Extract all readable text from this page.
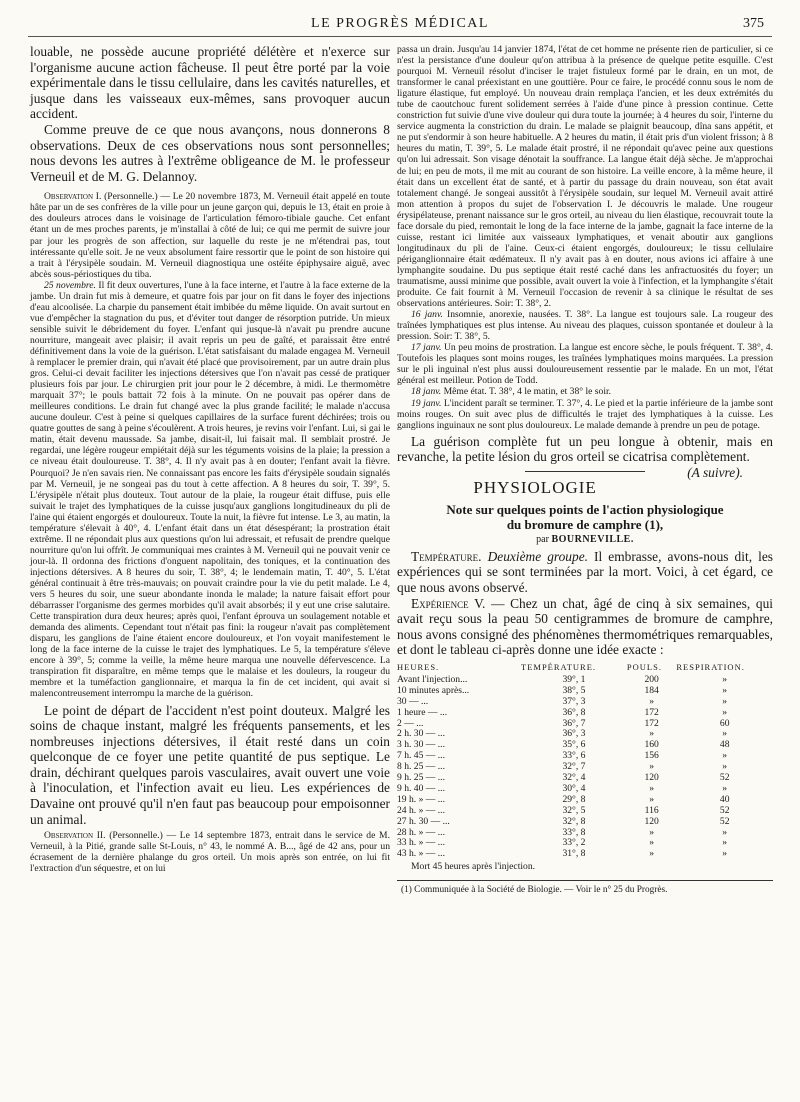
LE PROGRÈS MÉDICAL	375

louable, ne possède aucune propriété délétère et n'exerce sur l'organisme aucune action fâcheuse. Il peut être porté par la voie expérimentale dans le tissu cellulaire, dans les cavités naturelles, et jusque dans les vaisseaux eux-mêmes, sans provoquer aucun accident.

Comme preuve de ce que nous avançons, nous donnerons 8 observations. Deux de ces observations nous sont personnelles; nous devons les autres à l'extrême obligeance de M. le professeur Verneuil et de M. G. Delannoy.

Observation I. (Personnelle.) — Le 20 novembre 1873, M. Verneuil était appelé en toute hâte par un de ses confrères de la ville pour un jeune garçon qui, depuis le 13, était en proie à des douleurs atroces dans le voisinage de l'articulation fémoro-tibiale gauche. Cet enfant étant un de mes proches parents, je m'installai à côté de lui; ce qui me permit de suivre jour par jour les progrès de son affection, sur laquelle du reste je ne m'étendrai pas, tout intéressante qu'elle soit. Je ne veux absolument faire ressortir que le point de son histoire qui a trait à l'érysipèle soudain. M. Verneuil diagnostiqua une ostéite épiphysaire aiguë, avec abcès sous-périostiques du tiba.

25 novembre. Il fit deux ouvertures, l'une à la face interne, et l'autre à la face externe de la jambe. Un drain fut mis à demeure, et quatre fois par jour on fit dans le foyer des injections d'eau alcoolisée. La charpie du pansement était imbibée du même liquide. On avait surtout en vue d'empêcher la stagnation du pus, et d'éviter tout danger de résorption putride. Un mieux sensible suivit le débridement du foyer. L'enfant qui jusque-là n'avait pu prendre aucune nourriture, mangeait avec plaisir; il avait repris un peu de gaîté, et paraissait être entré définitivement dans la voie de la guérison. L'état satisfaisant du malade engagea M. Verneuil à remplacer le premier drain, qui n'avait été placé que provisoirement, par un autre drain plus gros. Celui-ci devait faciliter les injections détersives que l'on n'avait pas cessé de pratiquer plusieurs fois par jour. Le chirurgien prit jour pour le 2 décembre, à midi. Le thermomètre marquait 37°; le pouls battait 72 fois à la minute. On ne pouvait pas opérer dans de meilleures conditions. Le drain fut changé avec la plus grande facilité; le malade n'accusa aucune douleur. C'est à peine si quelques capillaires de la surface furent déchirées; trois ou quatre gouttes de sang à peine s'écoulèrent. A trois heures, je revins voir l'enfant. Lui, si gai le matin, était devenu maussade. Sa jambe, disait-il, lui faisait mal. Il semblait prostré. Je regardai, une légère rougeur empiétait déjà sur les téguments voisins de la plaie; la pression a ce niveau était douloureuse. T. 38°, 4. Il n'y avait pas à en douter; l'enfant avait la fièvre. Pourquoi? Je n'en savais rien. Ne connaissant pas encore les faits d'érysipèle soudain signalés par M. Verneuil, je ne songeai pas du tout à cette affection. A 8 heures du soir, T. 39°, 5. L'érysipèle n'était plus douteux. Tout autour de la plaie, la rougeur était diffuse, puis elle suivait le trajet des lymphatiques de la cuisse jusqu'aux ganglions longitudineaux du pli de l'aine qui étaient engorgés et douloureux. Toute la nuit, la fièvre fut intense. Le 3, au matin, la température s'élevait à 40°, 4. L'enfant était dans un état désespérant; la prostration était extrême. Il ne répondait plus aux questions qu'on lui adressait, et refusait de prendre quelque nourriture qu'on lui offrît. Je communiquai mes craintes à M. Verneuil qui ne pouvait venir ce jour-là. Il ordonna des frictions d'onguent napolitain, des toniques, et la continuation des injections détersives. A 8 heures du soir, T. 38°, 4; le lendemain matin, T. 40°, 5. L'état général continuait à être très-mauvais; on pouvait craindre pour la vie du petit malade. Le 4, vers 5 heures du soir, une sueur abondante inonda le malade; la nature faisait effort pour débarrasser l'organisme des germes morbides qu'il avait absorbés; il y eut une crise salutaire. Cette transpiration dura deux heures; après quoi, l'enfant éprouva un soulagement notable et demanda des aliments. Cependant tout n'était pas fini: la rougeur n'avait pas complètement disparu, les ganglions de l'aine étaient encore douloureux, et l'on voyait manifestement le long de la face interne de la cuisse le trajet des lymphatiques. Le 5, la température s'éleve encore à 39°, 5; comme la veille, la même heure marqua une nouvelle défervescence. La transpiration fit disparaître, en même temps que le malaise et les douleurs, la rougeur du membre et la tuméfaction ganglionnaire, et marqua la fin de cet incident, qui avait si malencontreusement interrompu la marche de la guérison.

Le point de départ de l'accident n'est point douteux. Malgré les soins de chaque instant, malgré les fréquents pansements, et les nombreuses injections détersives, il était resté dans un coin quelconque de ce foyer une petite quantité de pus septique. Le drain, déchirant quelques parois vasculaires, avait ouvert une voie à l'inoculation, et l'infection avait eu lieu. Les expériences de Davaine ont prouvé qu'il n'en faut pas beaucoup pour empoisonner un animal.

Observation II. (Personnelle.) — Le 14 septembre 1873, entrait dans le service de M. Verneuil, à la Pitié, grande salle St-Louis, n° 43, le nommé A. B..., âgé de 42 ans, pour un écrasement de la dernière phalange du gros orteil. Un mois après son entrée, on lui fit l'extraction d'un séquestre, et on lui

passa un drain. Jusqu'au 14 janvier 1874, l'état de cet homme ne présente rien de particulier, si ce n'est la persistance d'une douleur qu'on attribua à la présence de quelque petite esquille. C'est pourquoi M. Verneuil résolut d'inciser le trajet fistuleux formé par le drain, en un mot, de transformer le canal préexistant en une gouttière. Pour ce faire, le procédé connu sous le nom de ligature élastique, fut employé. Un nouveau drain remplaça l'ancien, et les deux extrémités du tube de caoutchouc furent solidement serrées à l'aide d'une pince à pression continue. Cette constriction fut suivie d'une vive douleur qui dura toute la journée; à 4 heures du soir, l'interne du service augmenta la constriction du drain. Le malade se plaignit beaucoup, dîna sans appétit, et ne put s'endormir à son heure habituelle. A 2 heures du matin, il était pris d'un violent frisson; à 8 heures du matin, T. 39°, 5. Le malade était prostré, il ne répondait qu'avec peine aux questions qu'on lui adressait. Son visage dénotait la souffrance. La langue était déjà sèche. Je m'approchai de lui; en peu de mots, il me mit au courant de son histoire. La veille encore, à la même heure, il était dans un excellent état de santé, et à partir du passage du drain nouveau, son état avait totalement changé. Je songeai aussitôt à l'érysipèle soudain, sur lequel M. Verneuil avait attiré mon attention à propos du sujet de l'observation I. Je découvris le malade. Une rougeur érysipélateuse, prenant naissance sur le gros orteil, au niveau du lien élastique, recouvrait toute la face dorsale du pied, remontait le long de la face interne de la jambe, gagnait la face interne de la cuisse, restant ici limitée aux vaisseaux lymphatiques, et venait aboutir aux ganglions longitudinaux du pli de l'aine. Ceux-ci étaient engorgés, douloureux; le tissu cellulaire périganglionnaire était œdémateux. Il n'y avait pas à en douter, nous avions ici affaire à une lymphangite soudaine. Du pus septique était resté caché dans les anfractuosités du foyer; un traumatisme, aussi minime que possible, avait ouvert la voie à l'infection, et la lymphangite s'était produite. Ce fait fournit à M. Verneuil l'occasion de revenir à sa clinique le résultat de ses observations antérieures. Soir: T. 38°, 2.

16 janv. Insomnie, anorexie, nausées. T. 38°. La langue est toujours sale. La rougeur des traînées lymphatiques est plus intense. Au niveau des plaques, cuisson spontanée et douleur à la pression. Soir: T. 38°, 5.

17 janv. Un peu moins de prostration. La langue est encore sèche, le pouls fréquent. T. 38°, 4. Toutefois les plaques sont moins rouges, les traînées lymphatiques moins marquées. La pression sur le pli inguinal n'est plus aussi douloureusement ressentie par le malade. En un mot, l'état général est meilleur. Potion de Todd.

18 janv. Même état. T. 38°, 4 le matin, et 38° le soir.

19 janv. L'incident paraît se terminer. T. 37°, 4. Le pied et la partie inférieure de la jambe sont moins rouges. On suit avec plus de difficultés le trajet des lymphatiques à la cuisse. Les ganglions inguinaux ne sont plus douloureux. Le malade demande à prendre un peu de potage.

La guérison complète fut un peu longue à obtenir, mais en revanche, la petite lésion du gros orteil se cicatrisa complètement.
(A suivre).

PHYSIOLOGIE

Note sur quelques points de l'action physiologique

du bromure de camphre (1),

par BOURNEVILLE.

Température. Deuxième groupe. Il embrasse, avons-nous dit, les expériences qui se sont terminées par la mort. Voici, à cet égard, ce que nous avons observé.

Expérience V. — Chez un chat, âgé de cinq à six semaines, qui avait reçu sous la peau 50 centigrammes de bromure de camphre, nous avons consigné des phénomènes thermométriques remarquables, et dont le tableau ci-après donne une idée exacte :

HEURES.	TEMPÉRATURE.	POULS.	RESPIRATION.
Avant l'injection...	39°, 1	200	»
10 minutes après...	38°, 5	184	»
30 — ...	37°, 3	»	»
1 heure — ...	36°, 8	172	»
2 — ...	36°, 7	172	60
2 h. 30 — ...	36°, 3	»	»
3 h. 30 — ...	35°, 6	160	48
7 h. 45 — ...	33°, 6	156	»
8 h. 25 — ...	32°, 7	»	»
9 h. 25 — ...	32°, 4	120	52
9 h. 40 — ...	30°, 4	»	»
19 h. » — ...	29°, 8	»	40
24 h. » — ...	32°, 5	116	52
27 h. 30 — ...	32°, 8	120	52
28 h. » — ...	33°, 8	»	»
33 h. » — ...	33°, 2	»	»
43 h. » — ...	31°, 8	»	»

Mort 45 heures après l'injection.

(1) Communiquée à la Société de Biologie. — Voir le n° 25 du Progrès.
